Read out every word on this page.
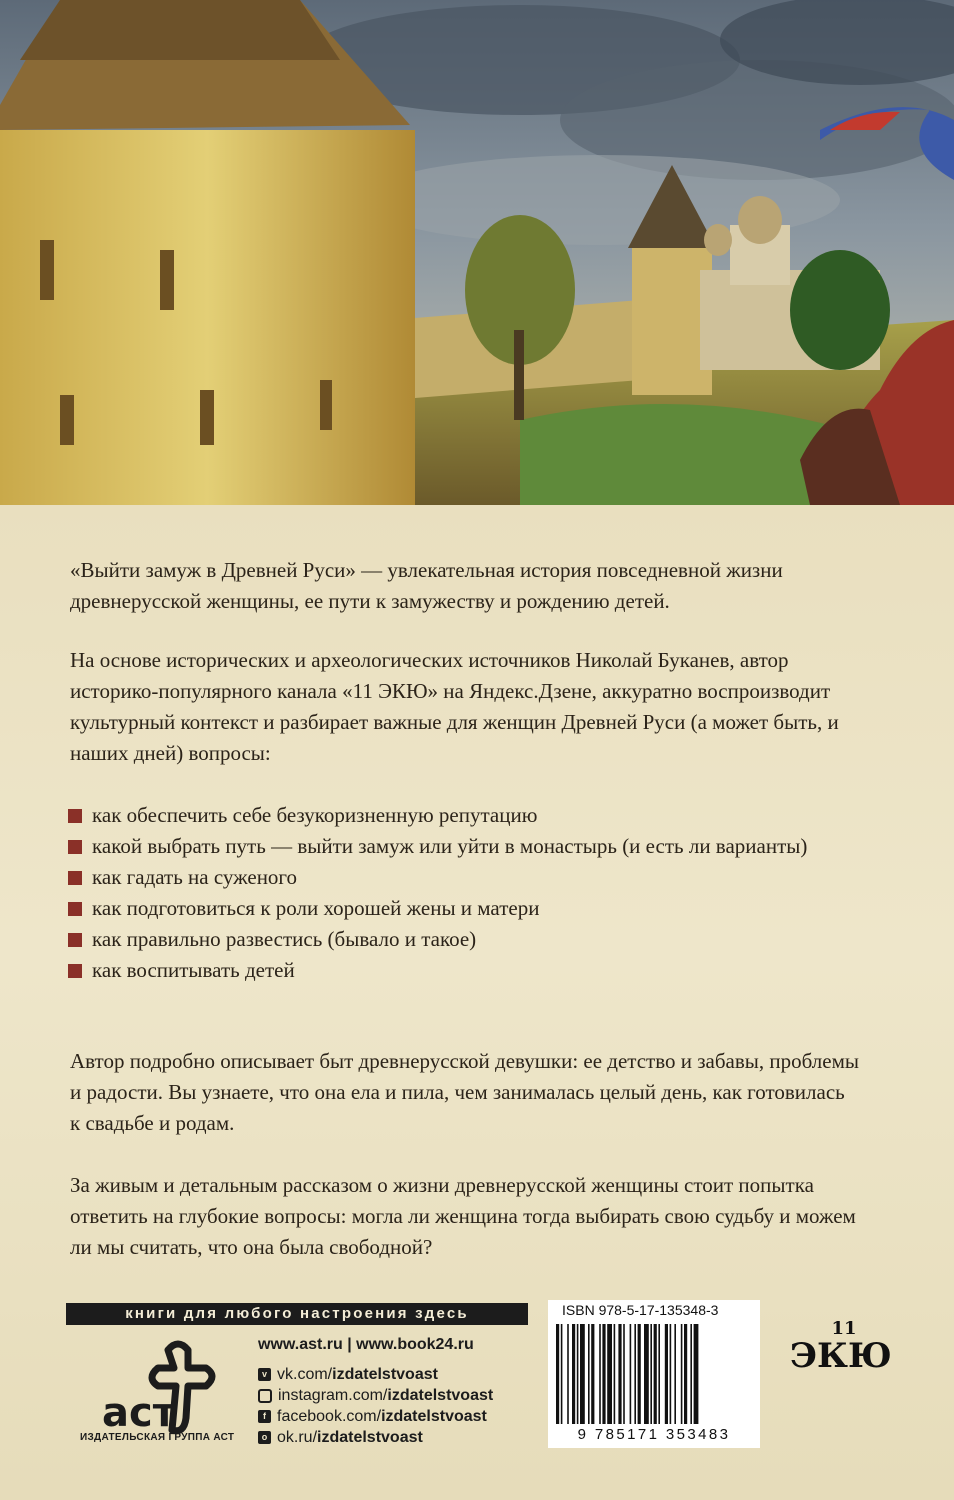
«Выйти замуж в Древней Руси» — увлекательная история повседневной жизни древнерусской женщины, ее пути к замужеству и рождению детей.

На основе исторических и археологических источников Николай Буканев, автор историко-популярного канала «11 ЭКЮ» на Яндекс.Дзене, аккуратно воспроизводит культурный контекст и разбирает важные для женщин Древней Руси (а может быть, и наших дней) вопросы:

как обеспечить себе безукоризненную репутацию
какой выбрать путь — выйти замуж или уйти в монастырь (и есть ли варианты)
как гадать на суженого
как подготовиться к роли хорошей жены и матери
как правильно развестись (бывало и такое)
как воспитывать детей

Автор подробно описывает быт древнерусской девушки: ее детство и забавы, проблемы и радости. Вы узнаете, что она ела и пила, чем занималась целый день, как готовилась к свадьбе и родам.

За живым и детальным рассказом о жизни древнерусской женщины стоит попытка ответить на глубокие вопросы: могла ли женщина тогда выбирать свою судьбу и можем ли мы считать, что она была свободной?

книги для любого настроения здесь
аст
ИЗДАТЕЛЬСКАЯ ГРУППА АСТ
www.ast.ru | www.book24.ru
v vk.com/ izdatelstvoast
instagram.com/ izdatelstvoast
f facebook.com/ izdatelstvoast
o ok.ru/ izdatelstvoast
ISBN 978-5-17-135348-3
9 785171 353483
11
ЭКЮ
